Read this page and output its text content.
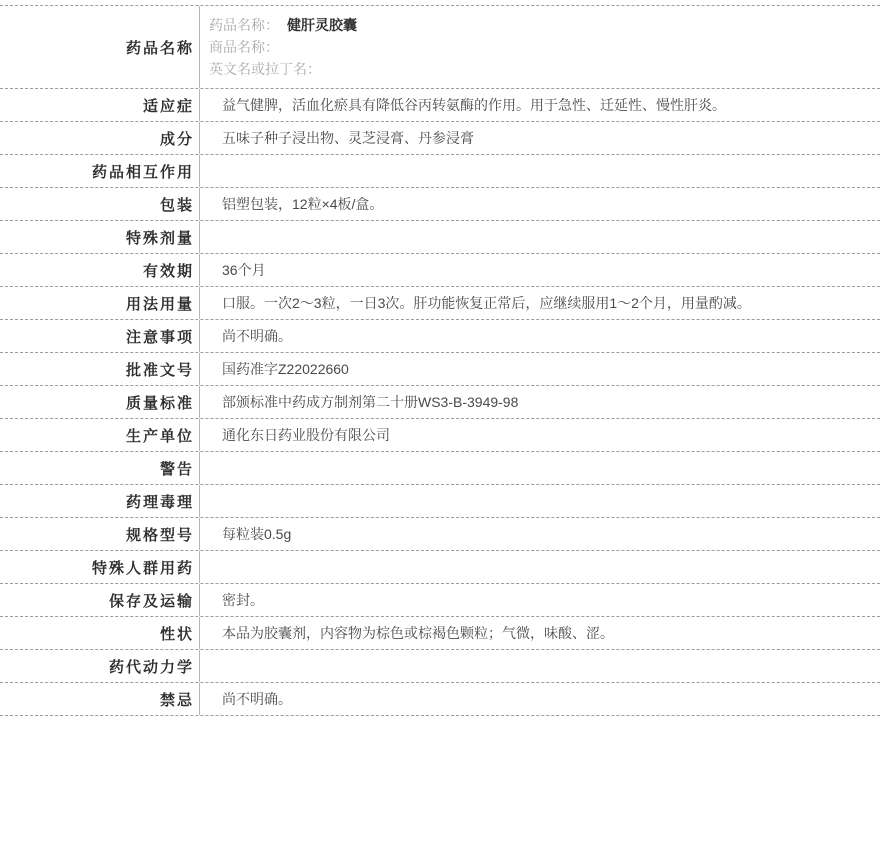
药品名称
药品名称： 健肝灵胶囊
商品名称：
英文名或拉丁名：
适应症	益气健脾，活血化瘀具有降低谷丙转氨酶的作用。用于急性、迁延性、慢性肝炎。
成分	五味子种子浸出物、灵芝浸膏、丹参浸膏
药品相互作用
包装	铝塑包装，12粒×4板/盒。
特殊剂量
有效期	36个月
用法用量	口服。一次2～3粒，一日3次。肝功能恢复正常后，应继续服用1～2个月，用量酌减。
注意事项	尚不明确。
批准文号	国药准字Z22022660
质量标准	部颁标准中药成方制剂第二十册WS3-B-3949-98
生产单位	通化东日药业股份有限公司
警告
药理毒理
规格型号	每粒装0.5g
特殊人群用药
保存及运输	密封。
性状	本品为胶囊剂，内容物为棕色或棕褐色颗粒；气微，味酸、涩。
药代动力学
禁忌	尚不明确。
